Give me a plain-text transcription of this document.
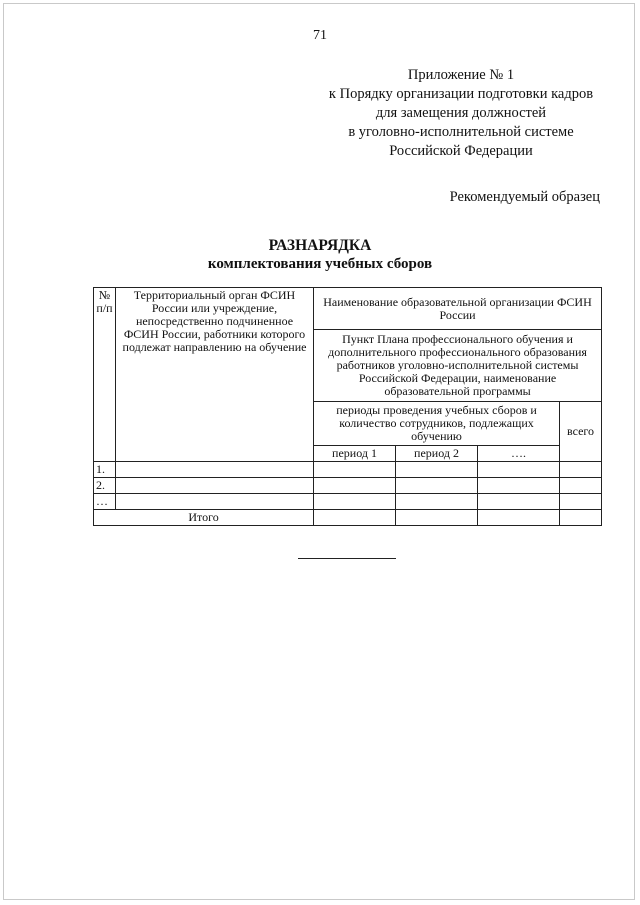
71
Приложение № 1
к Порядку организации подготовки кадров
для замещения должностей
в уголовно-исполнительной системе
Российской Федерации
Рекомендуемый образец
РАЗНАРЯДКА
комплектования учебных сборов
№ п/п	Территориальный орган ФСИН России или учреждение, непосредственно подчиненное ФСИН России, работники которого подлежат направлению на обучение	Наименование образовательной организации ФСИН России			
		Пункт Плана профессионального обучения и дополнительного профессионального образования работников уголовно-исполнительной системы Российской Федерации, наименование образовательной программы			
		периоды проведения учебных сборов и количество сотрудников, подлежащих обучению			всего
		период 1	период 2	….	
1.					
2.					
…					
Итого					
